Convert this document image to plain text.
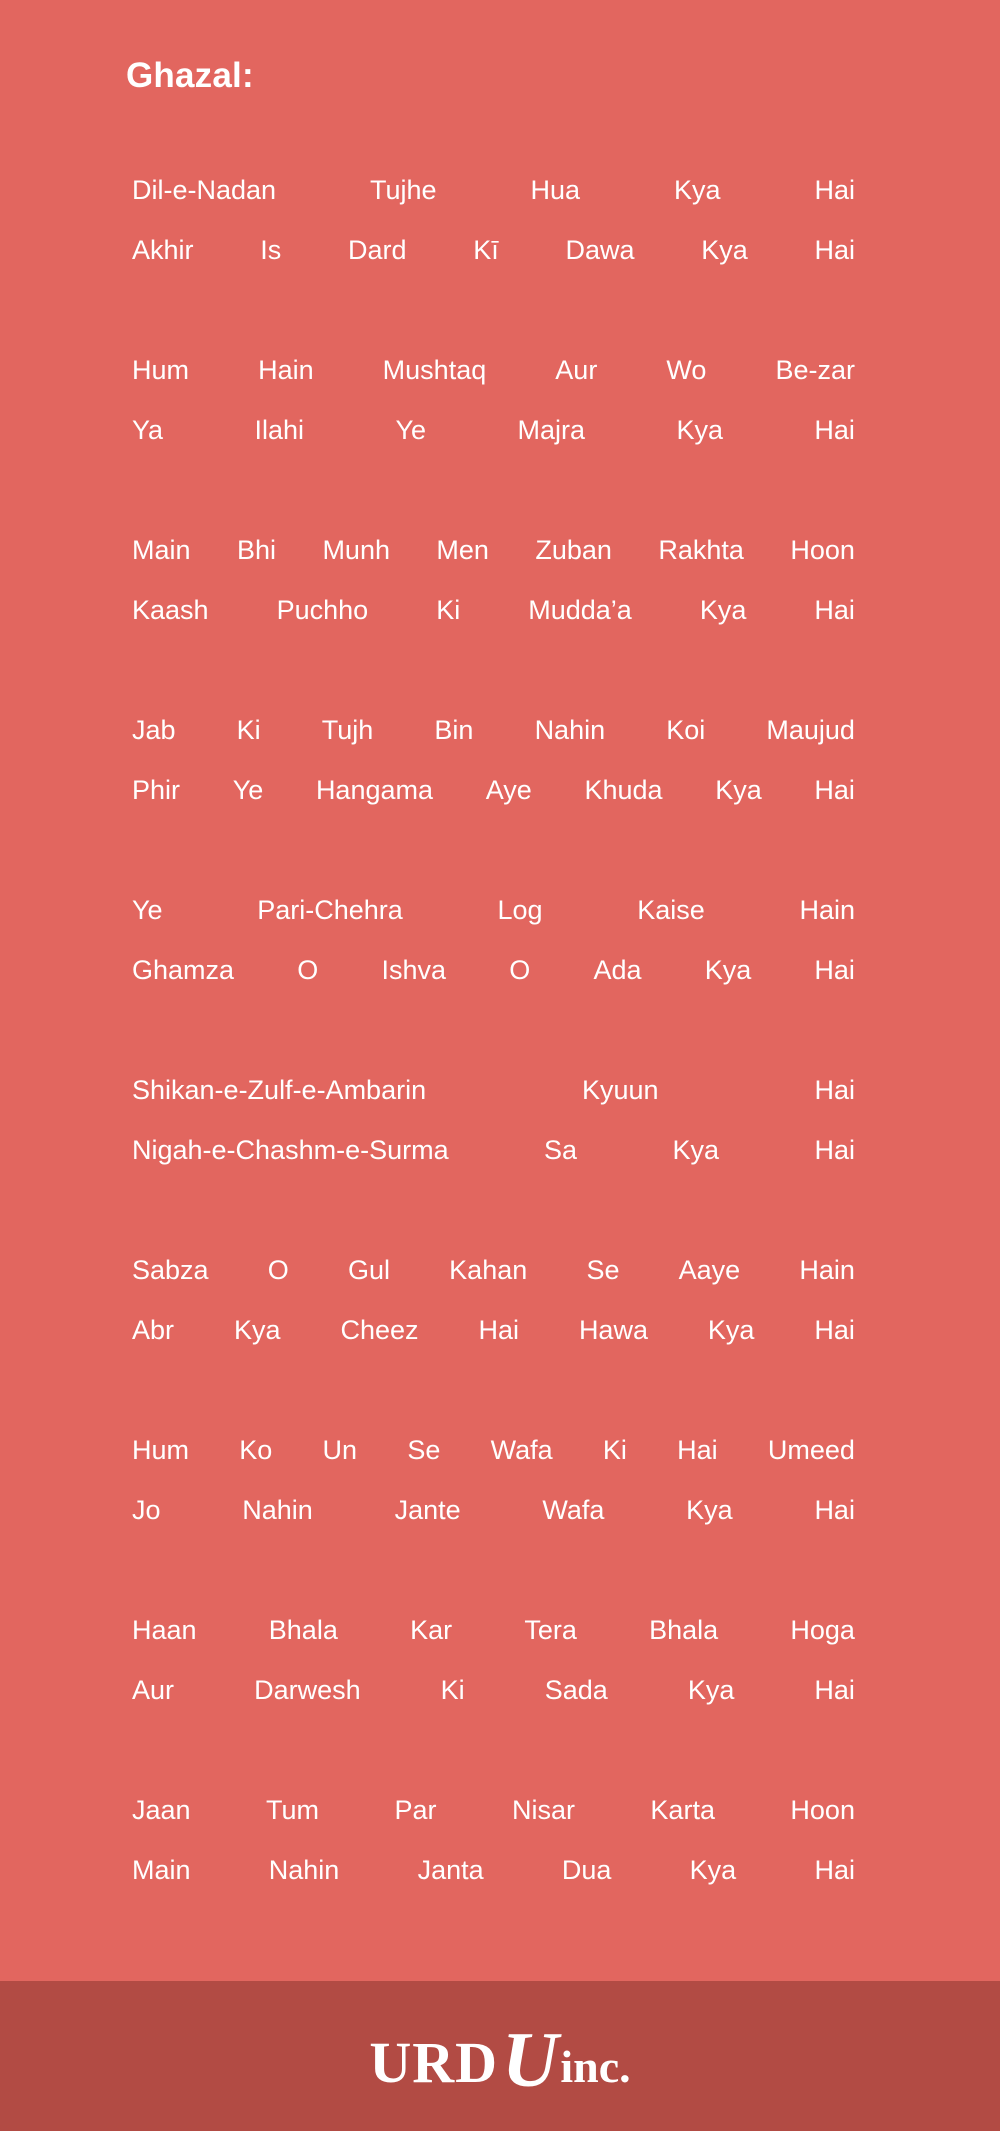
Ghazal:
Dil-e-Nadan	Tujhe	Hua	Kya	Hai
Akhir Is Dard Kī Dawa Kya Hai
Hum	Hain	Mushtaq	Aur	Wo	Be-zar
Ya	Ilahi	Ye	Majra	Kya	Hai
Main Bhi Munh Men Zuban Rakhta Hoon
Kaash	Puchho	Ki	Mudda’a	Kya	Hai
Jab Ki Tujh Bin Nahin Koi Maujud
Phir Ye Hangama Aye Khuda Kya Hai
Ye	Pari-Chehra	Log	Kaise	Hain
Ghamza O Ishva O Ada Kya Hai
Shikan-e-Zulf-e-Ambarin	Kyuun	Hai
Nigah-e-Chashm-e-Surma	Sa	Kya	Hai
Sabza O Gul Kahan Se Aaye Hain
Abr Kya Cheez Hai Hawa Kya Hai
Hum Ko Un Se Wafa Ki Hai Umeed
Jo	Nahin	Jante	Wafa	Kya	Hai
Haan	Bhala	Kar	Tera	Bhala	Hoga
Aur	Darwesh	Ki	Sada	Kya	Hai
Jaan	Tum	Par	Nisar	Karta	Hoon
Main	Nahin	Janta	Dua	Kya	Hai
URD U inc.
